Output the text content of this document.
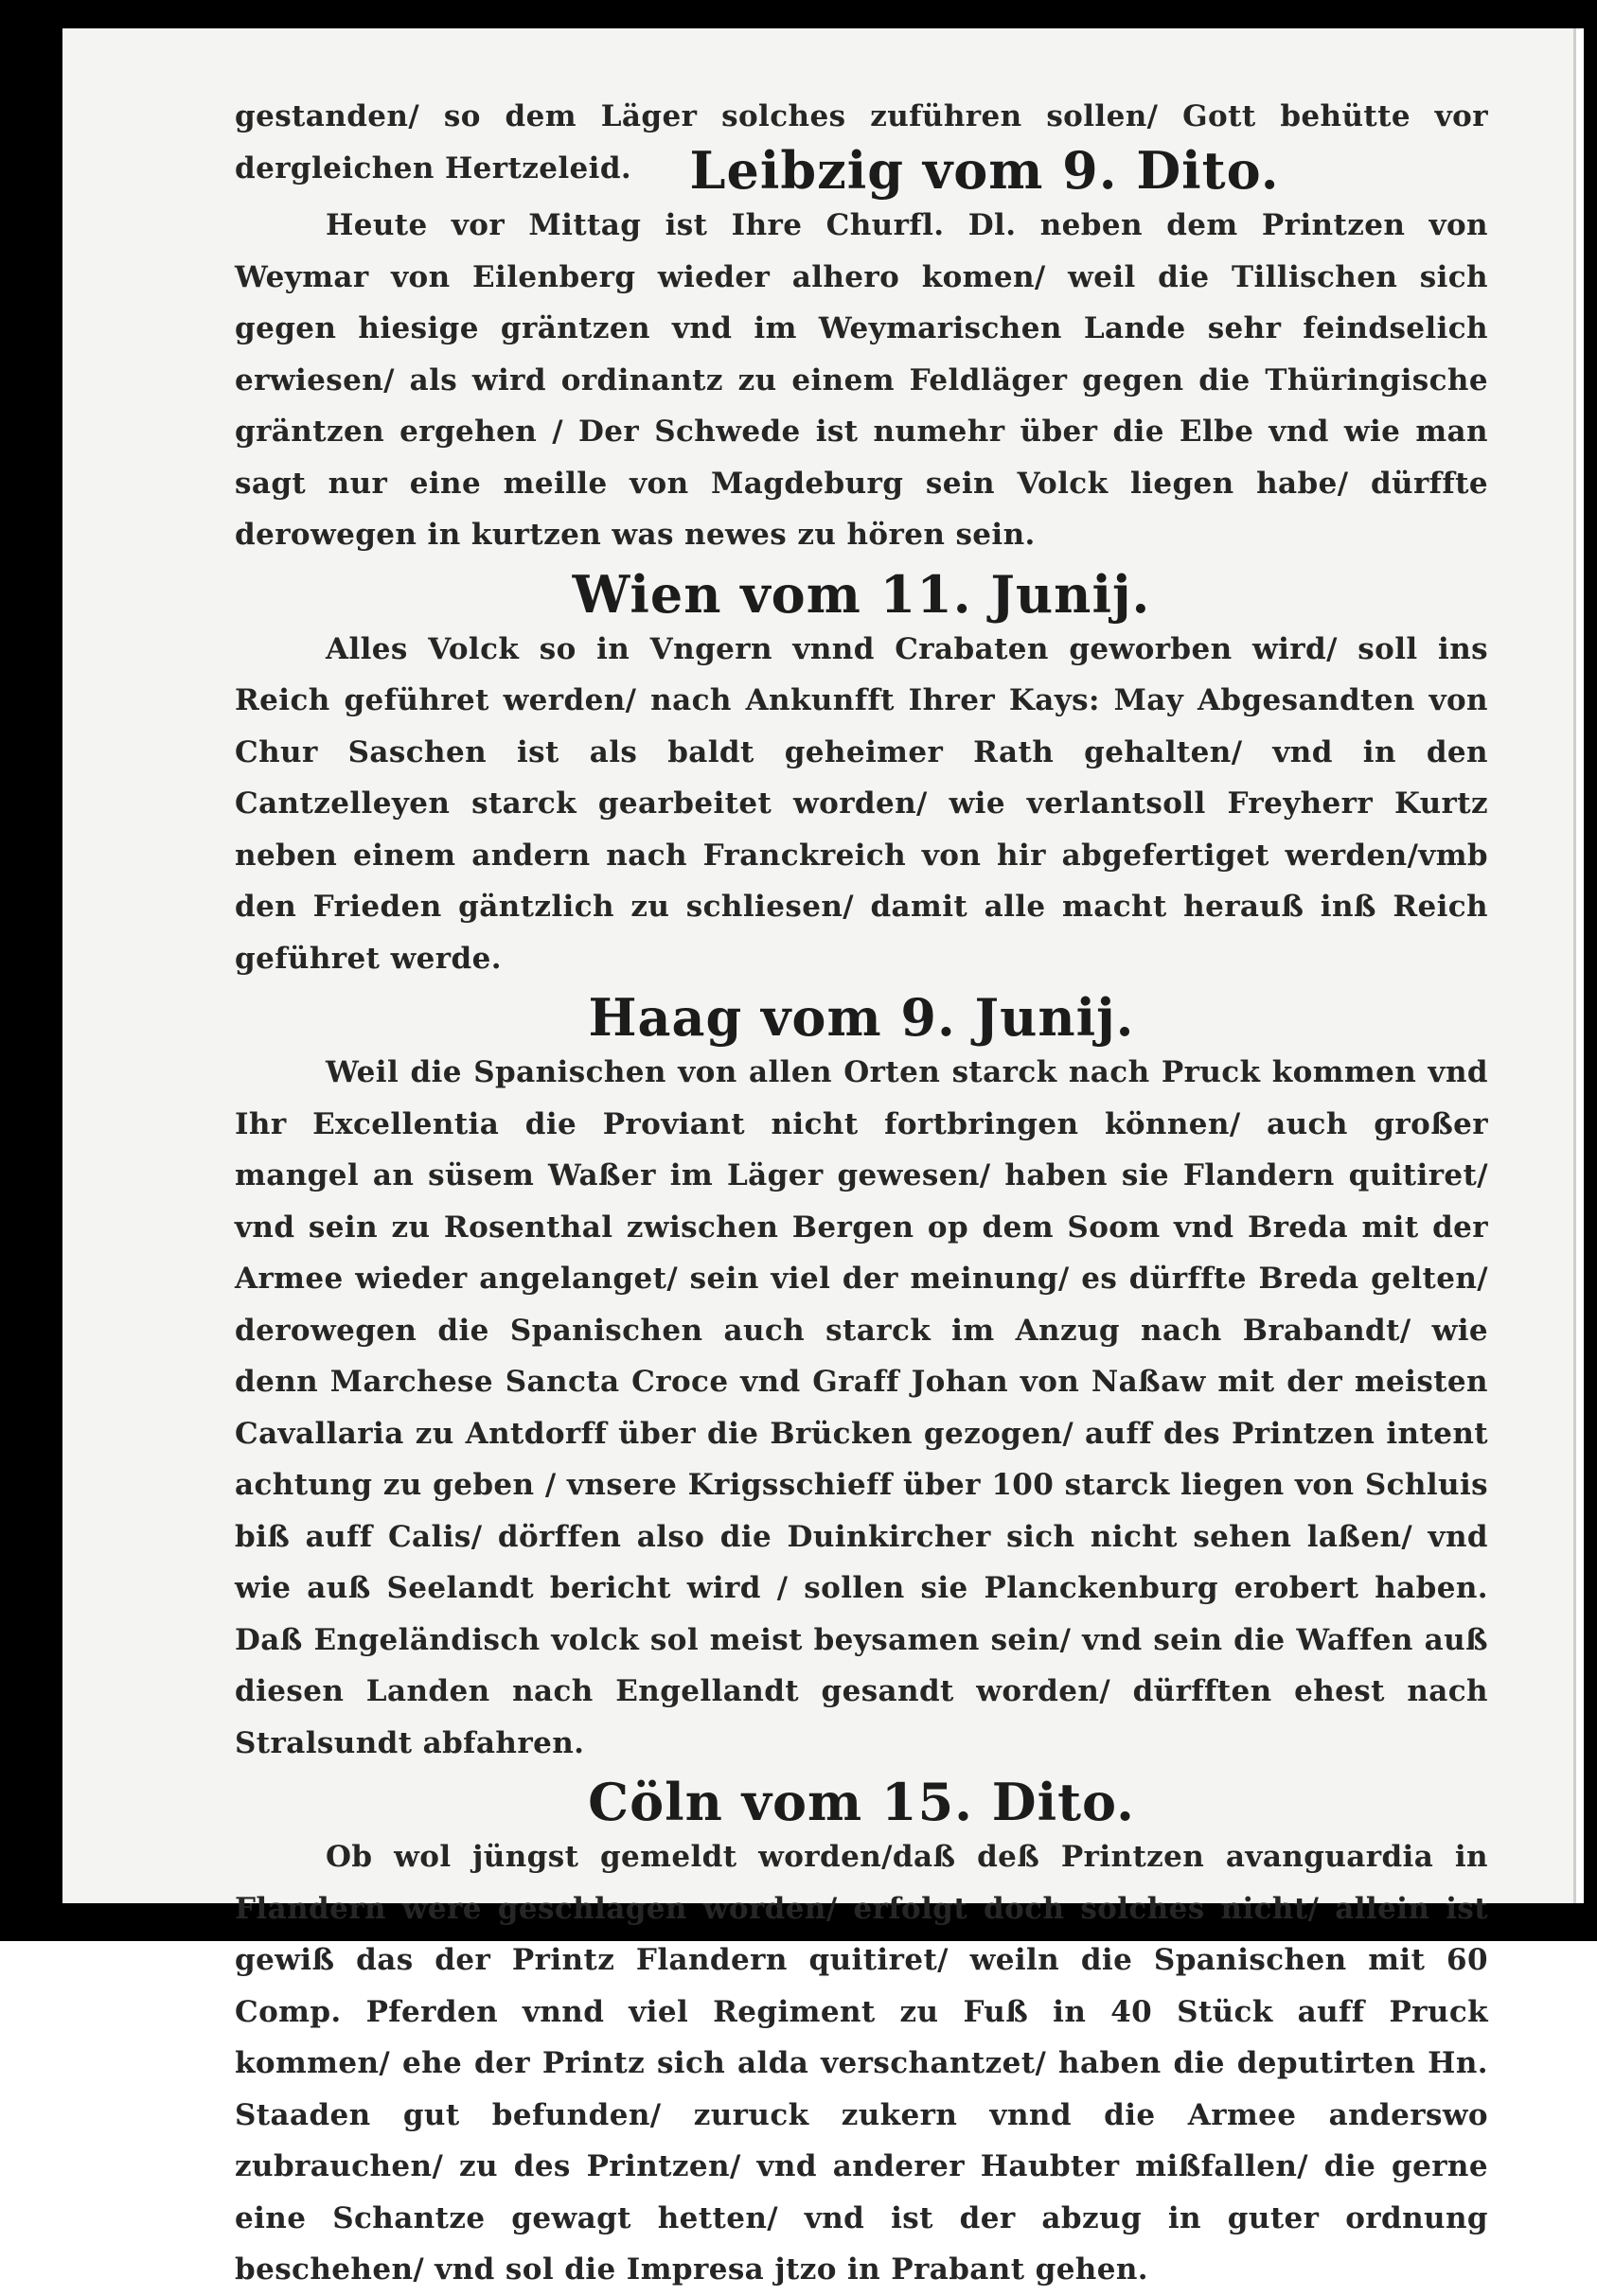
gestanden/ so dem Läger solches zuführen sollen/ Gott behütte vor dergleichen Hertzeleid.	Leibzig vom 9. Dito.

Heute vor Mittag ist Ihre Churfl. Dl. neben dem Printzen von Weymar von Eilenberg wieder alhero komen/ weil die Tillischen sich gegen hiesige gräntzen vnd im Weymarischen Lande sehr feindselich erwiesen/ als wird ordinantz zu einem Feldläger gegen die Thüringische gräntzen ergehen / Der Schwede ist numehr über die Elbe vnd wie man sagt nur eine meille von Magdeburg sein Volck liegen habe/ dürffte derowegen in kurtzen was newes zu hören sein.

Wien vom 11. Junij.

Alles Volck so in Vngern vnnd Crabaten geworben wird/ soll ins Reich geführet werden/ nach Ankunfft Ihrer Kays: May Abgesandten von Chur Saschen ist als baldt geheimer Rath gehalten/ vnd in den Cantzelleyen starck gearbeitet worden/ wie verlantsoll Freyherr Kurtz neben einem andern nach Franckreich von hir abgefertiget werden/vmb den Frieden gäntzlich zu schliesen/ damit alle macht herauß inß Reich geführet werde.

Haag vom 9. Junij.

Weil die Spanischen von allen Orten starck nach Pruck kommen vnd Ihr Excellentia die Proviant nicht fortbringen können/ auch großer mangel an süsem Waßer im Läger gewesen/ haben sie Flandern quitiret/ vnd sein zu Rosenthal zwischen Bergen op dem Soom vnd Breda mit der Armee wieder angelanget/ sein viel der meinung/ es dürffte Breda gelten/ derowegen die Spanischen auch starck im Anzug nach Brabandt/ wie denn Marchese Sancta Croce vnd Graff Johan von Naßaw mit der meisten Cavallaria zu Antdorff über die Brücken gezogen/ auff des Printzen intent achtung zu geben / vnsere Krigsschieff über 100 starck liegen von Schluis biß auff Calis/ dörffen also die Duinkircher sich nicht sehen laßen/ vnd wie auß Seelandt bericht wird / sollen sie Planckenburg erobert haben. Daß Engeländisch volck sol meist beysamen sein/ vnd sein die Waffen auß diesen Landen nach Engellandt gesandt worden/ dürfften ehest nach Stralsundt abfahren.

Cöln vom 15. Dito.

Ob wol jüngst gemeldt worden/daß deß Printzen avanguardia in Flandern were geschlagen worden/ erfolgt doch solches nicht/ allein ist gewiß das der Printz Flandern quitiret/ weiln die Spanischen mit 60 Comp. Pferden vnnd viel Regiment zu Fuß in 40 Stück auff Pruck kommen/ ehe der Printz sich alda verschantzet/ haben die deputirten Hn. Staaden gut befunden/ zuruck zukern vnnd die Armee anderswo zubrauchen/ zu des Printzen/ vnd anderer Haubter mißfallen/ die gerne eine Schantze gewagt hetten/ vnd ist der abzug in guter ordnung beschehen/ vnd sol die Impresa jtzo in Prabant gehen.
